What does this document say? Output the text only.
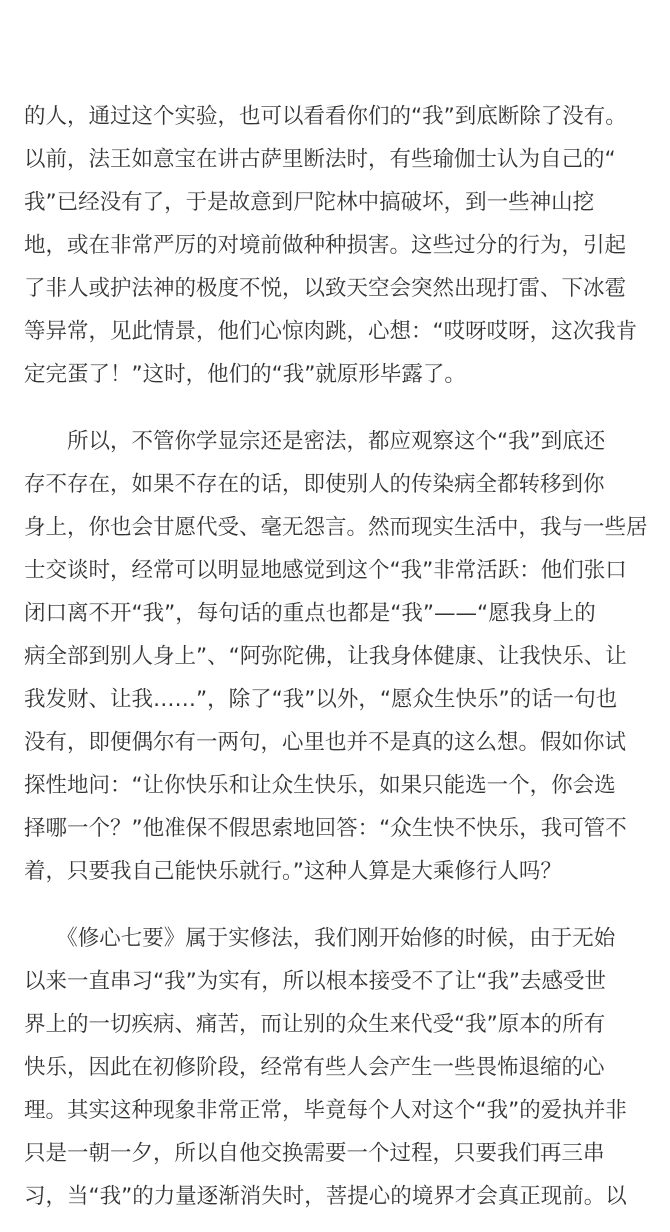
的人，通过这个实验，也可以看看你们的“我”到底断除了没有。
以前，法王如意宝在讲古萨里断法时，有些瑜伽士认为自己的“
我”已经没有了，于是故意到尸陀林中搞破坏，到一些神山挖
地，或在非常严厉的对境前做种种损害。这些过分的行为，引起
了非人或护法神的极度不悦，以致天空会突然出现打雷、下冰雹
等异常，见此情景，他们心惊肉跳，心想：“哎呀哎呀，这次我肯
定完蛋了！”这时，他们的“我”就原形毕露了。
　　所以，不管你学显宗还是密法，都应观察这个“我”到底还
存不存在，如果不存在的话，即使别人的传染病全都转移到你
身上，你也会甘愿代受、毫无怨言。然而现实生活中，我与一些居
士交谈时，经常可以明显地感觉到这个“我”非常活跃：他们张口
闭口离不开“我”，每句话的重点也都是“我”——“愿我身上的
病全部到别人身上”、“阿弥陀佛，让我身体健康、让我快乐、让
我发财、让我……”，除了“我”以外，“愿众生快乐”的话一句也
没有，即便偶尔有一两句，心里也并不是真的这么想。假如你试
探性地问：“让你快乐和让众生快乐，如果只能选一个，你会选
择哪一个？”他准保不假思索地回答：“众生快不快乐，我可管不
着，只要我自己能快乐就行。”这种人算是大乘修行人吗？
　　《修心七要》属于实修法，我们刚开始修的时候，由于无始
以来一直串习“我”为实有，所以根本接受不了让“我”去感受世
界上的一切疾病、痛苦，而让别的众生来代受“我”原本的所有
快乐，因此在初修阶段，经常有些人会产生一些畏怖退缩的心
理。其实这种现象非常正常，毕竟每个人对这个“我”的爱执并非
只是一朝一夕，所以自他交换需要一个过程，只要我们再三串
习，当“我”的力量逐渐消失时，菩提心的境界才会真正现前。以
